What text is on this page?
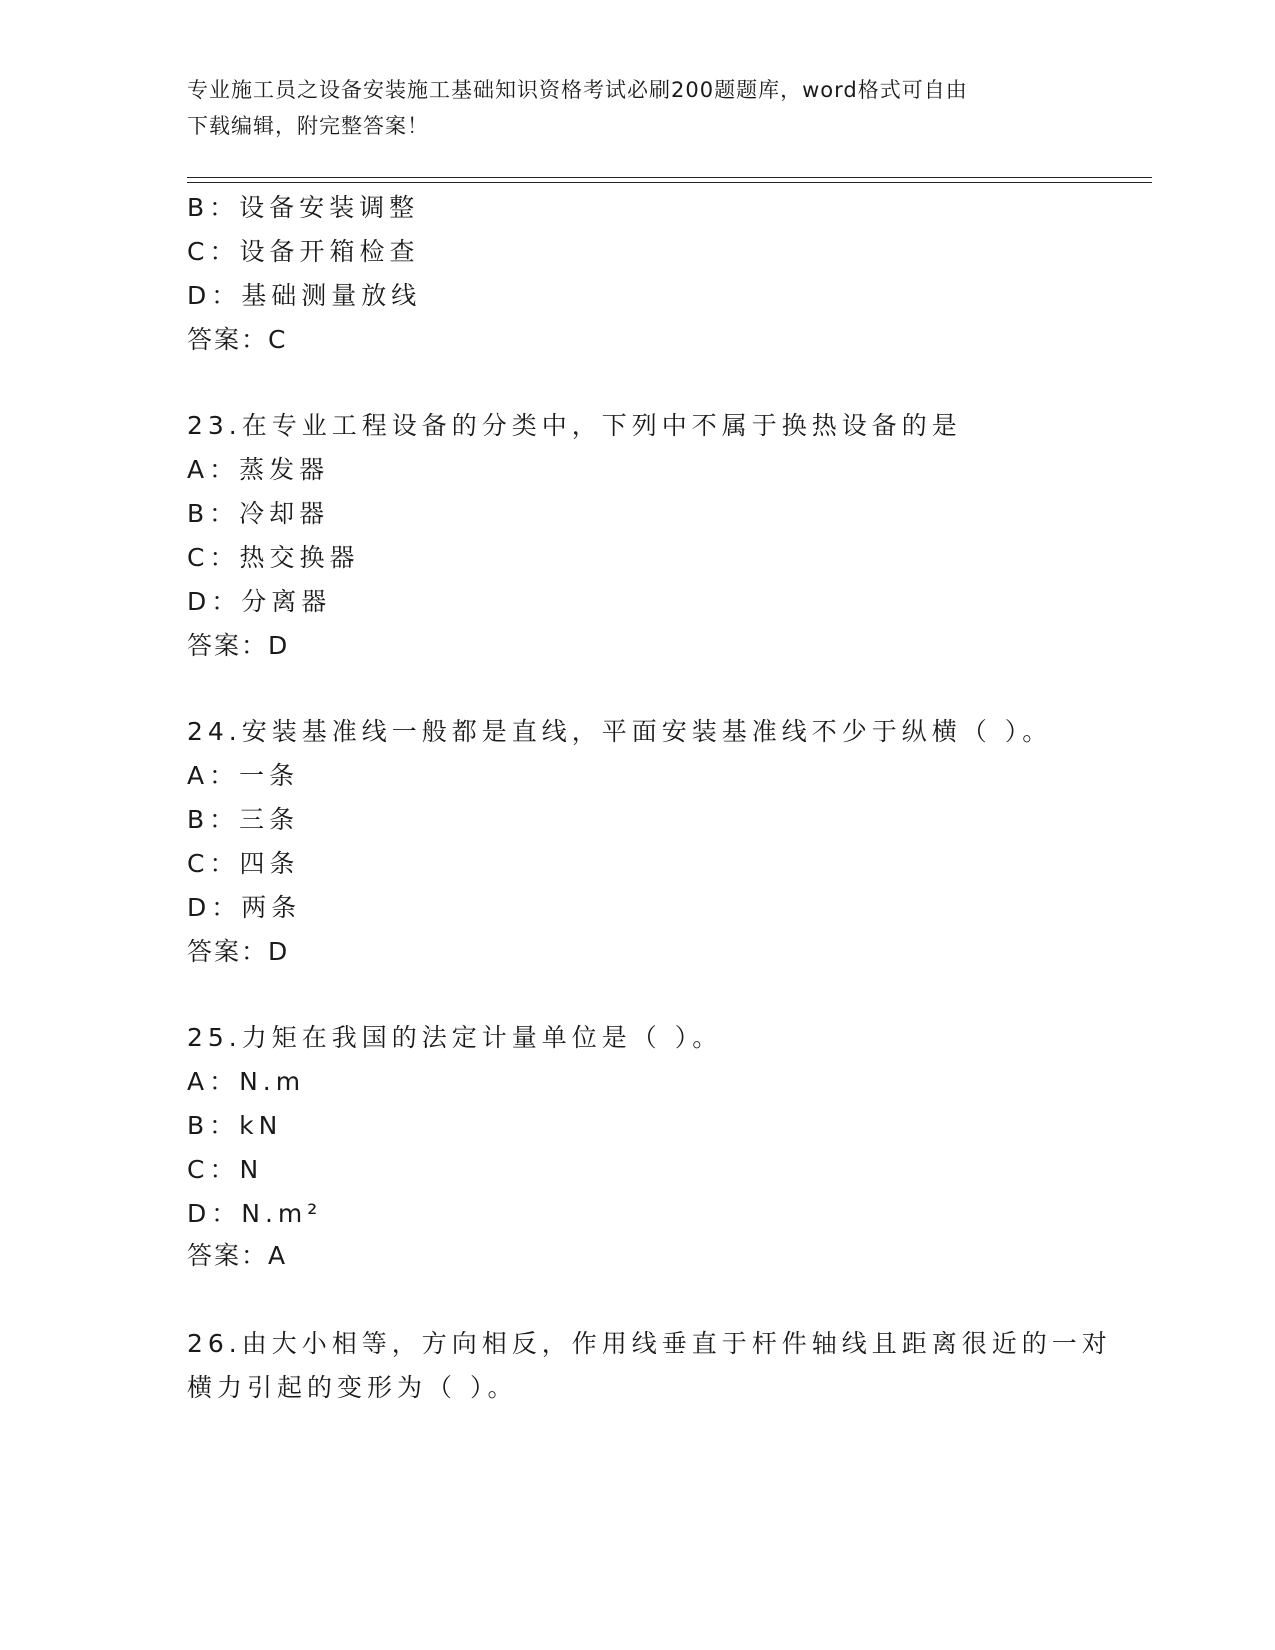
专业施工员之设备安装施工基础知识资格考试必刷200题题库，word格式可自由
下载编辑，附完整答案！
B：设备安装调整
C：设备开箱检查
D：基础测量放线
答案：C
23.在专业工程设备的分类中，下列中不属于换热设备的是
A：蒸发器
B：冷却器
C：热交换器
D：分离器
答案：D
24.安装基准线一般都是直线，平面安装基准线不少于纵横（ ）。
A：一条
B：三条
C：四条
D：两条
答案：D
25.力矩在我国的法定计量单位是（ ）。
A：N.m
B：kN
C：N
D：N.m²
答案：A
26.由大小相等，方向相反，作用线垂直于杆件轴线且距离很近的一对
横力引起的变形为（ ）。
